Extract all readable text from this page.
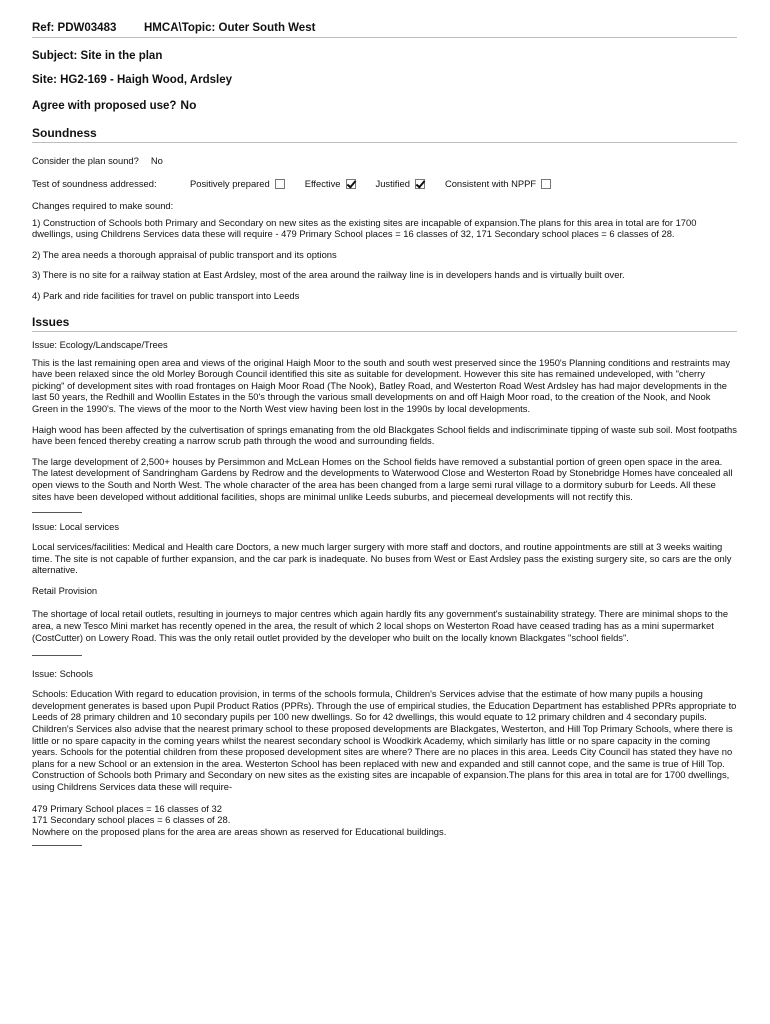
Ref: PDW03483	HMCA\Topic: Outer South West
Subject: Site in the plan
Site: HG2-169 - Haigh Wood, Ardsley
Agree with proposed use? No
Soundness
Consider the plan sound? No
Test of soundness addressed:	Positively prepared	Effective	Justified	Consistent with NPPF
Changes required to make sound:
1) Construction of Schools both Primary and Secondary on new sites as the existing sites are incapable of expansion.The plans for this area in total are for 1700 dwellings, using Childrens Services data these will require - 479 Primary School places = 16 classes of 32, 171 Secondary school places = 6 classes of 28.
2) The area needs a thorough appraisal of public transport and its options
3) There is no site for a railway station at East Ardsley, most of the area around the railway line is in developers hands and is virtually built over.
4) Park and ride facilities for travel on public transport into Leeds
Issues
Issue: Ecology/Landscape/Trees
This is the last remaining open area and views of the original Haigh Moor to the south and south west preserved since the 1950's Planning conditions and restraints may have been relaxed since the old Morley Borough Council identified this site as suitable for development. However this site has remained undeveloped, with "cherry picking" of development sites with road frontages on Haigh Moor Road (The Nook), Batley Road, and Westerton Road West Ardsley has had major developments in the last 50 years, the Redhill and Woollin Estates in the 50's through the various small developments on and off Haigh Moor road, to the creation of the Nook, and Nook Green in the 1990's. The views of the moor to the North West view having been lost in the 1990s by local developments.
Haigh wood has been affected by the culvertisation of springs emanating from the old Blackgates School fields and indiscriminate tipping of waste sub soil. Most footpaths have been fenced thereby creating a narrow scrub path through the wood and surrounding fields.
The large development of 2,500+ houses by Persimmon and McLean Homes on the School fields have removed a substantial portion of green open space in the area.
The latest development of Sandringham Gardens by Redrow and the developments to Waterwood Close and Westerton Road by Stonebridge Homes have concealed all open views to the South and North West. The whole character of the area has been changed from a large semi rural village to a dormitory suburb for Leeds. All these sites have been developed without additional facilities, shops are minimal unlike Leeds suburbs, and piecemeal developments will not rectify this.
Issue: Local services
Local services/facilities: Medical and Health care Doctors, a new much larger surgery with more staff and doctors, and routine appointments are still at 3 weeks waiting time. The site is not capable of further expansion, and the car park is inadequate. No buses from West or East Ardsley pass the existing surgery site, so cars are the only alternative.
Retail Provision
The shortage of local retail outlets, resulting in journeys to major centres which again hardly fits any government's sustainability strategy. There are minimal shops to the area, a new Tesco Mini market has recently opened in the area, the result of which 2 local shops on Westerton Road have ceased trading has as a mini supermarket (CostCutter) on Lowery Road. This was the only retail outlet provided by the developer who built on the locally known Blackgates "school fields".
Issue: Schools
Schools: Education With regard to education provision, in terms of the schools formula, Children's Services advise that the estimate of how many pupils a housing development generates is based upon Pupil Product Ratios (PPRs). Through the use of empirical studies, the Education Department has established PPRs appropriate to Leeds of 28 primary children and 10 secondary pupils per 100 new dwellings. So for 42 dwellings, this would equate to 12 primary children and 4 secondary pupils. Children's Services also advise that the nearest primary school to these proposed developments are Blackgates, Westerton, and Hill Top Primary Schools, where there is little or no spare capacity in the coming years whilst the nearest secondary school is Woodkirk Academy, which similarly has little or no spare capacity in the coming years. Schools for the potential children from these proposed development sites are where? There are no places in this area. Leeds City Council has stated they have no plans for a new School or an extension in the area. Westerton School has been replaced with new and expanded and still cannot cope, and the same is true of Hill Top.
Construction of Schools both Primary and Secondary on new sites as the existing sites are incapable of expansion.The plans for this area in total are for 1700 dwellings, using Childrens Services data these will require-
479 Primary School places = 16 classes of 32
171 Secondary school places = 6 classes of 28.
Nowhere on the proposed plans for the area are areas shown as reserved for Educational buildings.
